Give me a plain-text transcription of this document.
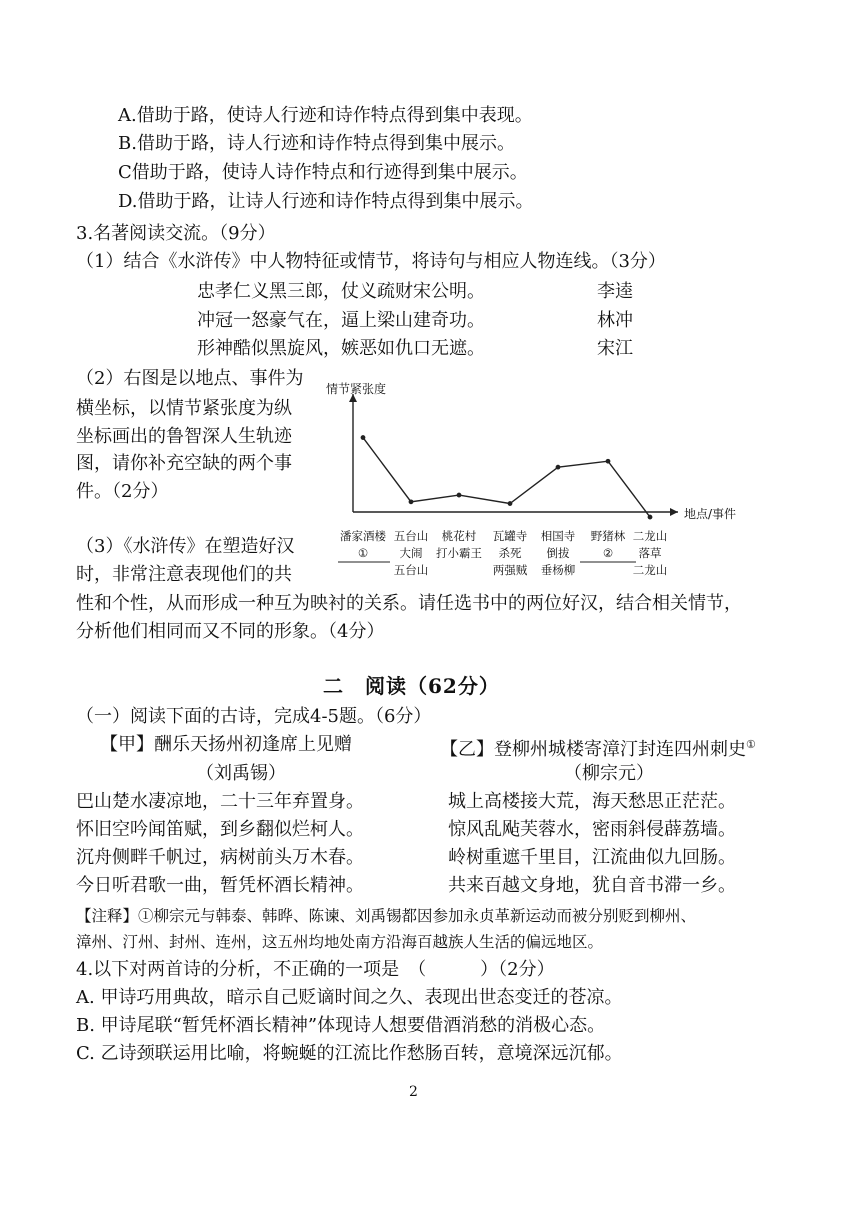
A.借助于路，使诗人行迹和诗作特点得到集中表现。
B.借助于路，诗人行迹和诗作特点得到集中展示。
C借助于路，使诗人诗作特点和行迹得到集中展示。
D.借助于路，让诗人行迹和诗作特点得到集中展示。
3.名著阅读交流。（9分）
（1）结合《水浒传》中人物特征或情节，将诗句与相应人物连线。（3分）
忠孝仁义黑三郎，仗义疏财宋公明。	李逵
冲冠一怒豪气在，逼上梁山建奇功。	林冲
形神酷似黑旋风，嫉恶如仇口无遮。	宋江
（2）右图是以地点、事件为
横坐标，以情节紧张度为纵
坐标画出的鲁智深人生轨迹
图，请你补充空缺的两个事
件。（2分）
情节紧张度
地点/事件
潘家酒楼
①
五台山
大闹
五台山
桃花村
打小霸王
瓦罐寺
杀死
两强贼
相国寺
倒拔
垂杨柳
野猪林
②
二龙山
落草
二龙山
（3）《水浒传》在塑造好汉
时，非常注意表现他们的共
性和个性，从而形成一种互为映衬的关系。请任选书中的两位好汉，结合相关情节，
分析他们相同而又不同的形象。（4分）
二　阅读（62分）
（一）阅读下面的古诗，完成4-5题。（6分）
【甲】酬乐天扬州初逢席上见赠	【乙】登柳州城楼寄漳汀封连四州刺史①
（刘禹锡）	（柳宗元）
巴山楚水凄凉地，二十三年弃置身。	城上高楼接大荒，海天愁思正茫茫。
怀旧空吟闻笛赋，到乡翻似烂柯人。	惊风乱飐芙蓉水，密雨斜侵薜荔墙。
沉舟侧畔千帆过，病树前头万木春。	岭树重遮千里目，江流曲似九回肠。
今日听君歌一曲，暂凭杯酒长精神。	共来百越文身地，犹自音书滞一乡。
【注释】①柳宗元与韩泰、韩晔、陈谏、刘禹锡都因参加永贞革新运动而被分别贬到柳州、
漳州、汀州、封州、连州，这五州均地处南方沿海百越族人生活的偏远地区。
4.以下对两首诗的分析，不正确的一项是　（　　　）（2分）
A. 甲诗巧用典故，暗示自己贬谪时间之久、表现出世态变迁的苍凉。
B. 甲诗尾联“暂凭杯酒长精神”体现诗人想要借酒消愁的消极心态。
C. 乙诗颈联运用比喻，将蜿蜒的江流比作愁肠百转，意境深远沉郁。
2
